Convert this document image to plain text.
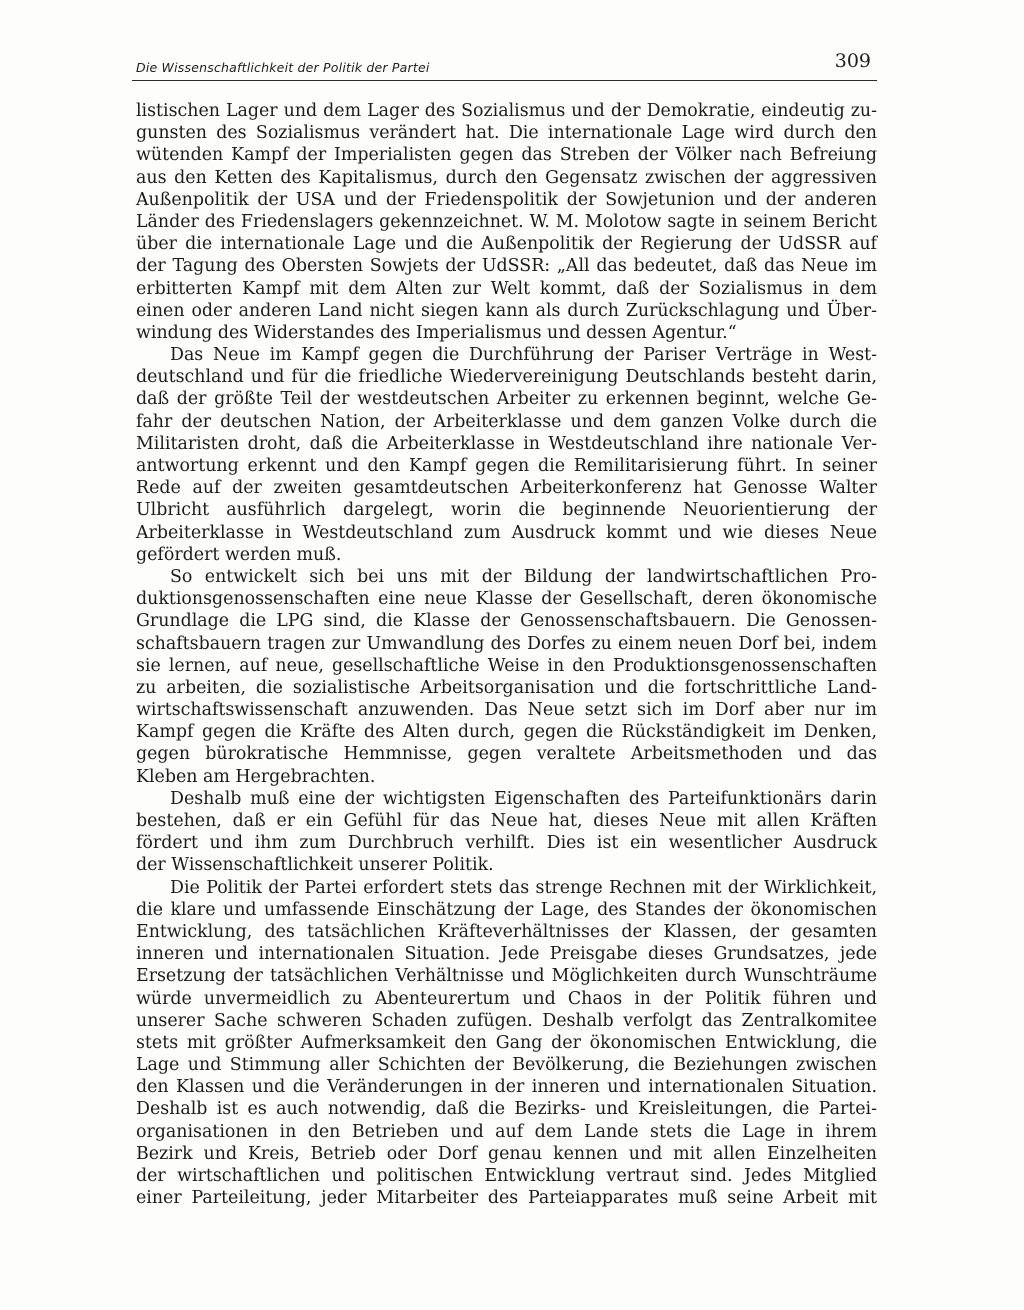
Die Wissenschaftlichkeit der Politik der Partei	309
listischen Lager und dem Lager des Sozialismus und der Demokratie, eindeutig zu-
gunsten des Sozialismus verändert hat. Die internationale Lage wird durch den
wütenden Kampf der Imperialisten gegen das Streben der Völker nach Befreiung
aus den Ketten des Kapitalismus, durch den Gegensatz zwischen der aggressiven
Außenpolitik der USA und der Friedenspolitik der Sowjetunion und der anderen
Länder des Friedenslagers gekennzeichnet. W. M. Molotow sagte in seinem Bericht
über die internationale Lage und die Außenpolitik der Regierung der UdSSR auf
der Tagung des Obersten Sowjets der UdSSR: „All das bedeutet, daß das Neue im
erbitterten Kampf mit dem Alten zur Welt kommt, daß der Sozialismus in dem
einen oder anderen Land nicht siegen kann als durch Zurückschlagung und Über-
windung des Widerstandes des Imperialismus und dessen Agentur.“
Das Neue im Kampf gegen die Durchführung der Pariser Verträge in West-
deutschland und für die friedliche Wiedervereinigung Deutschlands besteht darin,
daß der größte Teil der westdeutschen Arbeiter zu erkennen beginnt, welche Ge-
fahr der deutschen Nation, der Arbeiterklasse und dem ganzen Volke durch die
Militaristen droht, daß die Arbeiterklasse in Westdeutschland ihre nationale Ver-
antwortung erkennt und den Kampf gegen die Remilitarisierung führt. In seiner
Rede auf der zweiten gesamtdeutschen Arbeiterkonferenz hat Genosse Walter
Ulbricht ausführlich dargelegt, worin die beginnende Neuorientierung der
Arbeiterklasse in Westdeutschland zum Ausdruck kommt und wie dieses Neue
gefördert werden muß.
So entwickelt sich bei uns mit der Bildung der landwirtschaftlichen Pro-
duktionsgenossenschaften eine neue Klasse der Gesellschaft, deren ökonomische
Grundlage die LPG sind, die Klasse der Genossenschaftsbauern. Die Genossen-
schaftsbauern tragen zur Umwandlung des Dorfes zu einem neuen Dorf bei, indem
sie lernen, auf neue, gesellschaftliche Weise in den Produktionsgenossenschaften
zu arbeiten, die sozialistische Arbeitsorganisation und die fortschrittliche Land-
wirtschaftswissenschaft anzuwenden. Das Neue setzt sich im Dorf aber nur im
Kampf gegen die Kräfte des Alten durch, gegen die Rückständigkeit im Denken,
gegen bürokratische Hemmnisse, gegen veraltete Arbeitsmethoden und das
Kleben am Hergebrachten.
Deshalb muß eine der wichtigsten Eigenschaften des Parteifunktionärs darin
bestehen, daß er ein Gefühl für das Neue hat, dieses Neue mit allen Kräften
fördert und ihm zum Durchbruch verhilft. Dies ist ein wesentlicher Ausdruck
der Wissenschaftlichkeit unserer Politik.
Die Politik der Partei erfordert stets das strenge Rechnen mit der Wirklichkeit,
die klare und umfassende Einschätzung der Lage, des Standes der ökonomischen
Entwicklung, des tatsächlichen Kräfteverhältnisses der Klassen, der gesamten
inneren und internationalen Situation. Jede Preisgabe dieses Grundsatzes, jede
Ersetzung der tatsächlichen Verhältnisse und Möglichkeiten durch Wunschträume
würde unvermeidlich zu Abenteurertum und Chaos in der Politik führen und
unserer Sache schweren Schaden zufügen. Deshalb verfolgt das Zentralkomitee
stets mit größter Aufmerksamkeit den Gang der ökonomischen Entwicklung, die
Lage und Stimmung aller Schichten der Bevölkerung, die Beziehungen zwischen
den Klassen und die Veränderungen in der inneren und internationalen Situation.
Deshalb ist es auch notwendig, daß die Bezirks- und Kreisleitungen, die Partei-
organisationen in den Betrieben und auf dem Lande stets die Lage in ihrem
Bezirk und Kreis, Betrieb oder Dorf genau kennen und mit allen Einzelheiten
der wirtschaftlichen und politischen Entwicklung vertraut sind. Jedes Mitglied
einer Parteileitung, jeder Mitarbeiter des Parteiapparates muß seine Arbeit mit
